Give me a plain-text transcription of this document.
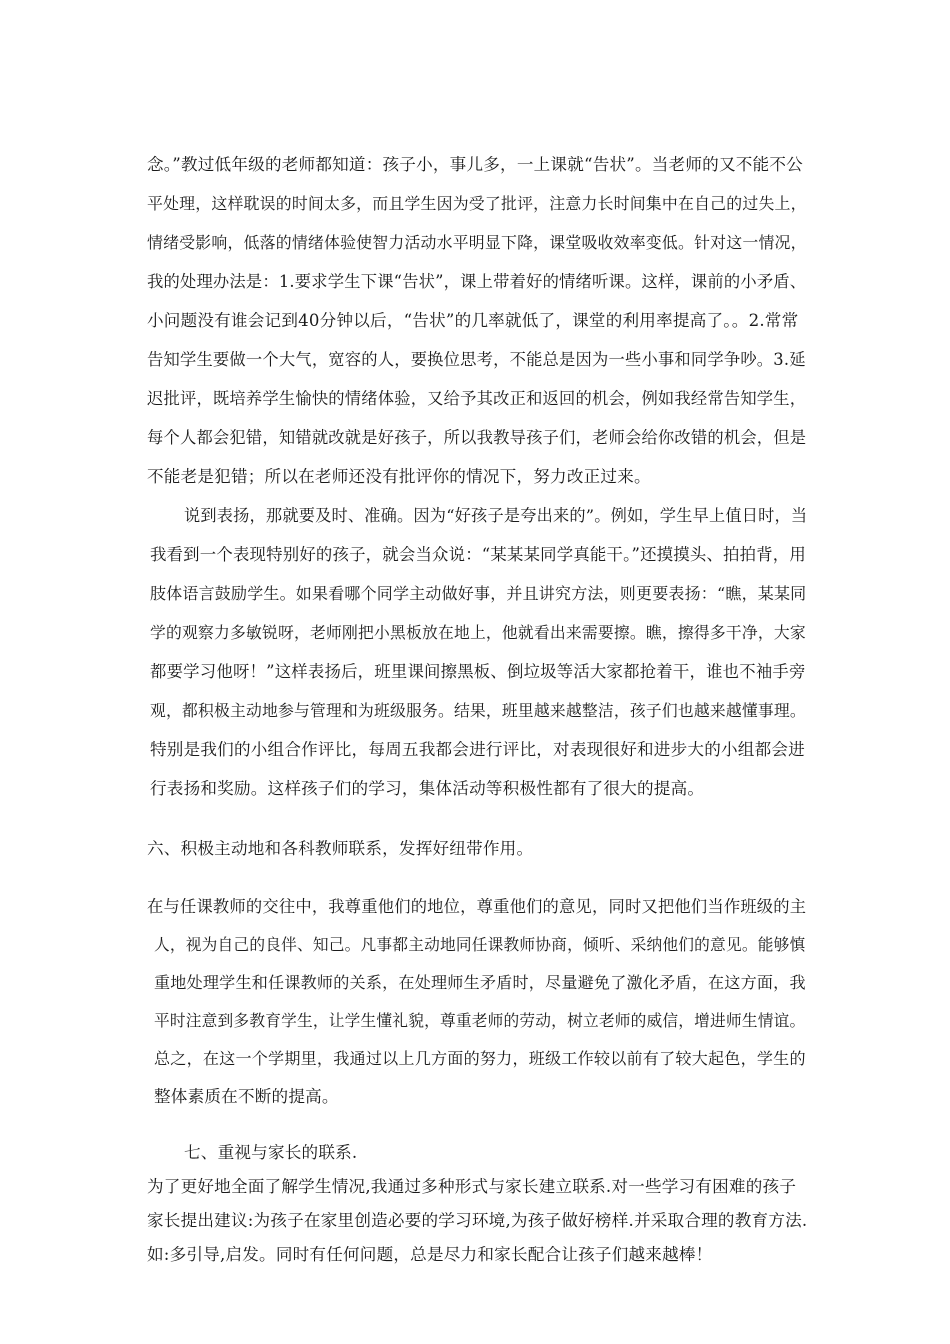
念。”教过低年级的老师都知道：孩子小，事儿多，一上课就“告状”。当老师的又不能不公
平处理，这样耽误的时间太多，而且学生因为受了批评，注意力长时间集中在自己的过失上，
情绪受影响，低落的情绪体验使智力活动水平明显下降，课堂吸收效率变低。针对这一情况，
我的处理办法是：1.要求学生下课“告状”，课上带着好的情绪听课。这样，课前的小矛盾、
小问题没有谁会记到40分钟以后，“告状”的几率就低了，课堂的利用率提高了。。2.常常
告知学生要做一个大气，宽容的人，要换位思考，不能总是因为一些小事和同学争吵。3.延
迟批评，既培养学生愉快的情绪体验，又给予其改正和返回的机会，例如我经常告知学生，
每个人都会犯错，知错就改就是好孩子，所以我教导孩子们，老师会给你改错的机会，但是
不能老是犯错；所以在老师还没有批评你的情况下，努力改正过来。
说到表扬，那就要及时、准确。因为“好孩子是夸出来的”。例如，学生早上值日时，当
我看到一个表现特别好的孩子，就会当众说：“某某某同学真能干。”还摸摸头、拍拍背，用
肢体语言鼓励学生。如果看哪个同学主动做好事，并且讲究方法，则更要表扬：“瞧，某某同
学的观察力多敏锐呀，老师刚把小黑板放在地上，他就看出来需要擦。瞧，擦得多干净，大家
都要学习他呀！”这样表扬后，班里课间擦黑板、倒垃圾等活大家都抢着干，谁也不袖手旁
观，都积极主动地参与管理和为班级服务。结果，班里越来越整洁，孩子们也越来越懂事理。
特别是我们的小组合作评比，每周五我都会进行评比，对表现很好和进步大的小组都会进
行表扬和奖励。这样孩子们的学习，集体活动等积极性都有了很大的提高。
六、积极主动地和各科教师联系，发挥好纽带作用。
在与任课教师的交往中，我尊重他们的地位，尊重他们的意见，同时又把他们当作班级的主
人，视为自己的良伴、知己。凡事都主动地同任课教师协商，倾听、采纳他们的意见。能够慎
重地处理学生和任课教师的关系，在处理师生矛盾时，尽量避免了激化矛盾，在这方面，我
平时注意到多教育学生，让学生懂礼貌，尊重老师的劳动，树立老师的威信，增进师生情谊。
总之，在这一个学期里，我通过以上几方面的努力，班级工作较以前有了较大起色，学生的
整体素质在不断的提高。
七、重视与家长的联系.
为了更好地全面了解学生情况,我通过多种形式与家长建立联系.对一些学习有困难的孩子
家长提出建议:为孩子在家里创造必要的学习环境,为孩子做好榜样.并采取合理的教育方法.
如:多引导,启发。同时有任何问题，总是尽力和家长配合让孩子们越来越棒！
